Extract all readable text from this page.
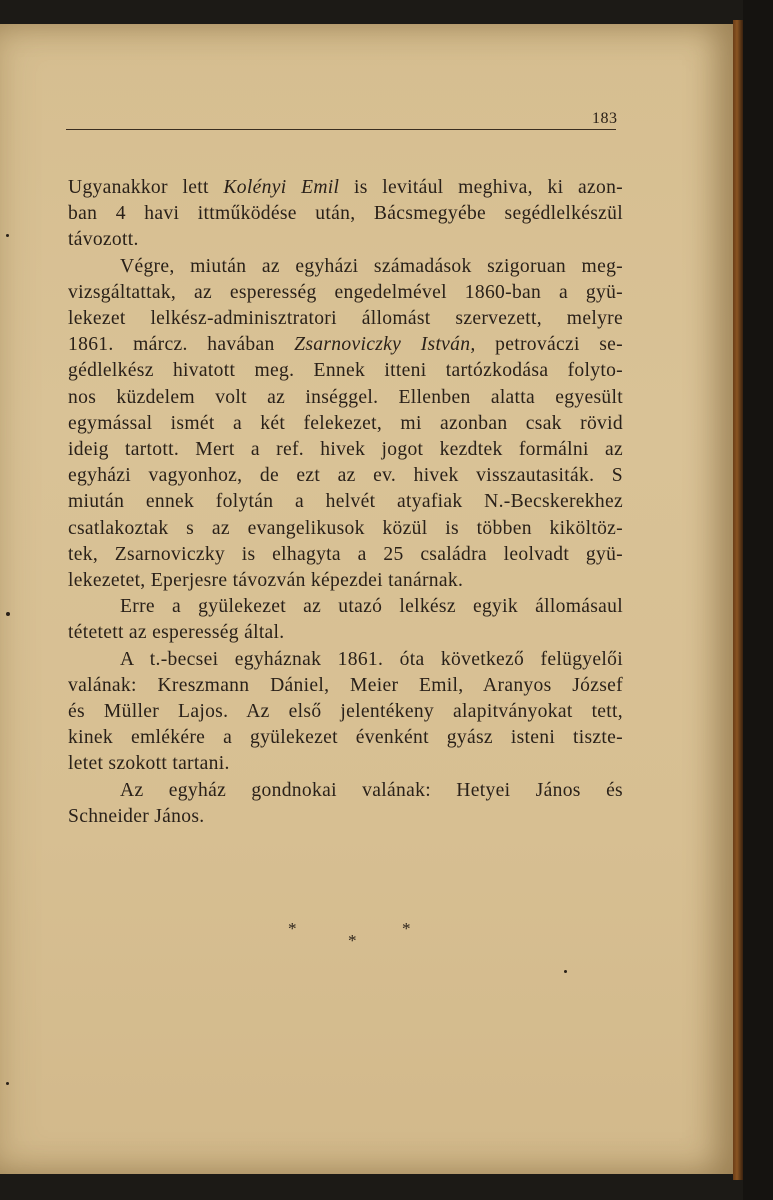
183
Ugyanakkor lett Kolényi Emil is levitául meghiva, ki azon-
ban 4 havi ittműködése után, Bácsmegyébe segédlelkészül
távozott.
Végre, miután az egyházi számadások szigoruan meg-
vizsgáltattak, az esperesség engedelmével 1860-ban a gyü-
lekezet lelkész-adminisztratori állomást szervezett, melyre
1861. márcz. havában Zsarnoviczky István, petrováczi se-
gédlelkész hivatott meg. Ennek itteni tartózkodása folyto-
nos küzdelem volt az inséggel. Ellenben alatta egyesült
egymással ismét a két felekezet, mi azonban csak rövid
ideig tartott. Mert a ref. hivek jogot kezdtek formálni az
egyházi vagyonhoz, de ezt az ev. hivek visszautasiták. S
miután ennek folytán a helvét atyafiak N.-Becskerekhez
csatlakoztak s az evangelikusok közül is többen kiköltöz-
tek, Zsarnoviczky is elhagyta a 25 családra leolvadt gyü-
lekezetet, Eperjesre távozván képezdei tanárnak.
Erre a gyülekezet az utazó lelkész egyik állomásaul
tétetett az esperesség által.
A t.-becsei egyháznak 1861. óta következő felügyelői
valának: Kreszmann Dániel, Meier Emil, Aranyos József
és Müller Lajos. Az első jelentékeny alapitványokat tett,
kinek emlékére a gyülekezet évenként gyász isteni tiszte-
letet szokott tartani.
Az egyház gondnokai valának: Hetyei János és
Schneider János.
*
*
*
